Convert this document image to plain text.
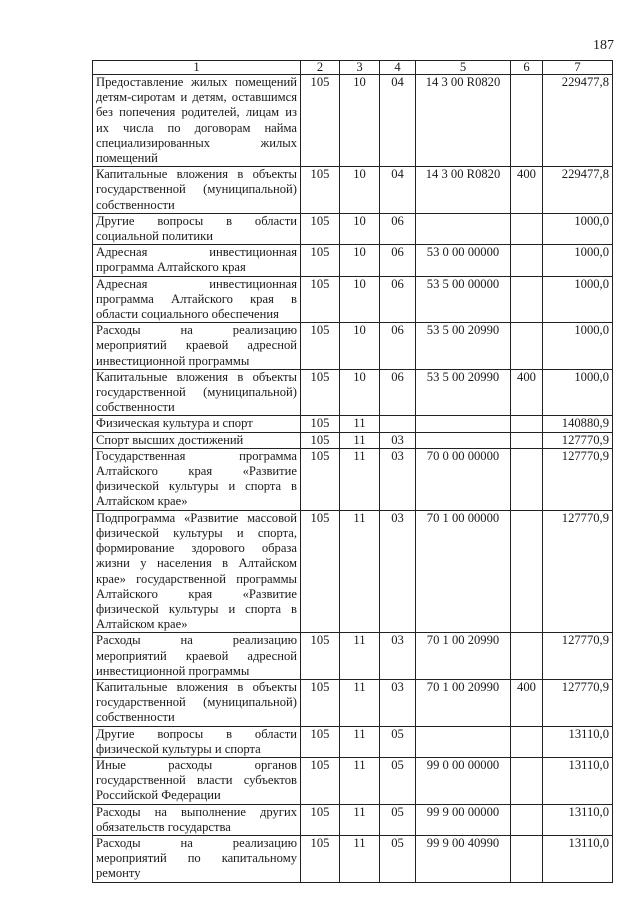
187
1	2	3	4	5	6	7
Предоставление жилых помещений детям-сиротам и детям, оставшимся без попечения родителей, лицам из их числа по договорам найма специализированных жилых помещений	105	10	04	14 3 00 R0820		229477,8
Капитальные вложения в объекты государственной (муниципальной) собственности	105	10	04	14 3 00 R0820	400	229477,8
Другие вопросы в области социальной политики	105	10	06			1000,0
Адресная инвестиционная программа Алтайского края	105	10	06	53 0 00 00000		1000,0
Адресная инвестиционная программа Алтайского края в области социального обеспечения	105	10	06	53 5 00 00000		1000,0
Расходы на реализацию мероприятий краевой адресной инвестиционной программы	105	10	06	53 5 00 20990		1000,0
Капитальные вложения в объекты государственной (муниципальной) собственности	105	10	06	53 5 00 20990	400	1000,0
Физическая культура и спорт	105	11				140880,9
Спорт высших достижений	105	11	03			127770,9
Государственная программа Алтайского края «Развитие физической культуры и спорта в Алтайском крае»	105	11	03	70 0 00 00000		127770,9
Подпрограмма «Развитие массовой физической культуры и спорта, формирование здорового образа жизни у населения в Алтайском крае» государственной программы Алтайского края «Развитие физической культуры и спорта в Алтайском крае»	105	11	03	70 1 00 00000		127770,9
Расходы на реализацию мероприятий краевой адресной инвестиционной программы	105	11	03	70 1 00 20990		127770,9
Капитальные вложения в объекты государственной (муниципальной) собственности	105	11	03	70 1 00 20990	400	127770,9
Другие вопросы в области физической культуры и спорта	105	11	05			13110,0
Иные расходы органов государственной власти субъектов Российской Федерации	105	11	05	99 0 00 00000		13110,0
Расходы на выполнение других обязательств государства	105	11	05	99 9 00 00000		13110,0
Расходы на реализацию мероприятий по капитальному ремонту	105	11	05	99 9 00 40990		13110,0
